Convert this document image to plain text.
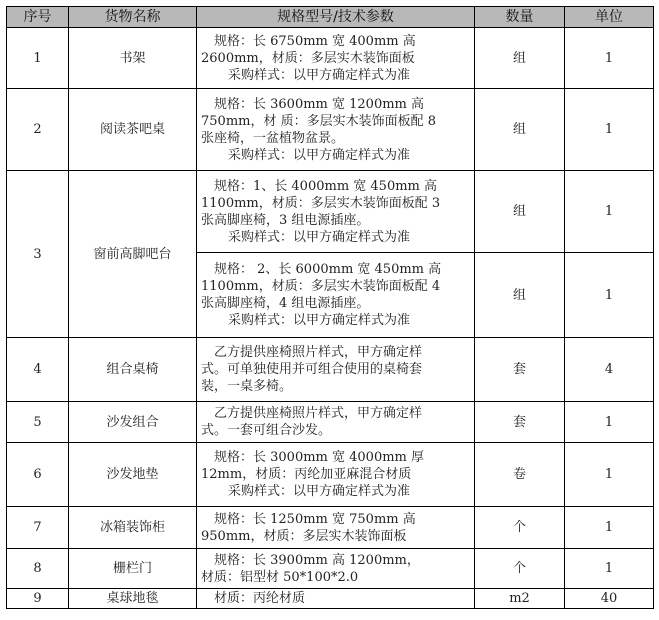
序号	货物名称	规格型号/技术参数	数量	单位
1	书架	规格：长 6750mm 宽 400mm 高
2600mm，材质：多层实木装饰面板
采购样式：以甲方确定样式为准	组	1
2	阅读茶吧桌	规格：长 3600mm 宽 1200mm 高
750mm，材 质：多层实木装饰面板配 8
张座椅，一盆植物盆景。
采购样式：以甲方确定样式为准	组	1
3	窗前高脚吧台	规格：1、长 4000mm 宽 450mm 高
1100mm，材质：多层实木装饰面板配 3
张高脚座椅，3 组电源插座。
采购样式：以甲方确定样式为准	组	1

		规格： 2、长 6000mm 宽 450mm 高
1100mm，材质：多层实木装饰面板配 4
张高脚座椅，4 组电源插座。
采购样式：以甲方确定样式为准	组	1
4	组合桌椅	乙方提供座椅照片样式，甲方确定样
式。可单独使用并可组合使用的桌椅套
装，一桌多椅。	套	4
5	沙发组合	乙方提供座椅照片样式，甲方确定样
式。一套可组合沙发。	套	1
6	沙发地垫	规格：长 3000mm 宽 4000mm 厚
12mm，材质：丙纶加亚麻混合材质
采购样式：以甲方确定样式为准	卷	1
7	冰箱装饰柜	规格：长 1250mm 宽 750mm 高
950mm，材质：多层实木装饰面板	个	1
8	栅栏门	规格：长 3900mm 高 1200mm，
材质：铝型材 50*100*2.0	个	1
9	桌球地毯	材质：丙纶材质	m2	40
